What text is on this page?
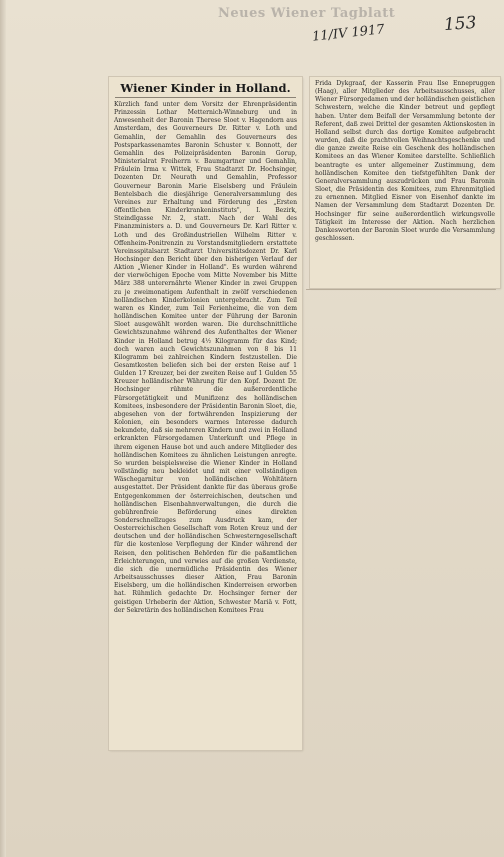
Neues Wiener Tagblatt
11/IV 1917	153
Wiener Kinder in Holland.
Kürzlich fand unter dem Vorsitz der Ehrenpräsidentin Prinzessin Lothar Metternich-Winneburg und in Anwesenheit der Baronin Therese Sloet v. Hagendorn aus Amsterdam, des Gouverneurs Dr. Ritter v. Loth und Gemahlin, der Gemahlin des Gouverneurs des Postsparkassenamtes Baronin Schuster v. Bonnott, der Gemahlin des Polizeipräsidenten Baronin Gorup, Ministerialrat Freiherrn v. Baumgartner und Gemahlin, Fräulein Irma v. Wittek, Frau Stadtarzt Dr. Hochsinger, Dozenten Dr. Neurath und Gemahlin, Professor Gouverneur Baronin Marie Eiselsberg und Fräulein Bentelsbach die diesjährige Generalversammlung des Vereines zur Erhaltung und Förderung des „Ersten öffentlichen Kinderkrankeninstituts", I. Bezirk, Steindlgasse Nr. 2, statt. Nach der Wahl des Finanzministers a. D. und Gouverneurs Dr. Karl Ritter v. Loth und des Großindustriellen Wilhelm Ritter v. Offenheim-Ponitrenzin zu Vorstandsmitgliedern erstattete Vereinsspitalsarzt Stadtarzt Universitätsdozent Dr. Karl Hochsinger den Bericht über den bisherigen Verlauf der Aktion „Wiener Kinder in Holland". Es wurden während der vierwöchigen Epoche vom Mitte November bis Mitte März 388 unterernährte Wiener Kinder in zwei Gruppen zu je zweimonatigem Aufenthalt in zwölf verschiedenen holländischen Kinderkolonien untergebracht. Zum Teil waren es Kinder, zum Teil Ferienheime, die von dem holländischen Komitee unter der Führung der Baronin Sloet ausgewählt worden waren. Die durchschnittliche Gewichtszunahme während des Aufenthaltes der Wiener Kinder in Holland betrug 4½ Kilogramm für das Kind; doch waren auch Gewichtszunahmen von 8 bis 11 Kilogramm bei zahlreichen Kindern festzustellen. Die Gesamtkosten beliefen sich bei der ersten Reise auf 1 Gulden 17 Kreuzer, bei der zweiten Reise auf 1 Gulden 55 Kreuzer holländischer Währung für den Kopf. Dozent Dr. Hochsinger rühmte die außerordentliche Fürsorgetätigkeit und Munifizenz des holländischen Komitees, insbesondere der Präsidentin Baronin Sloet, die, abgesehen von der fortwährenden Inspizierung der Kolonien, ein besonders warmes Interesse dadurch bekundete, daß sie mehreren Kindern und zwei in Holland erkrankten Fürsorgedamen Unterkunft und Pflege in ihrem eigenen Hause bot und auch andere Mitglieder des holländischen Komitees zu ähnlichen Leistungen anregte. So wurden beispielsweise die Wiener Kinder in Holland vollständig neu bekleidet und mit einer vollständigen Wäschegarnitur von holländischen Wohltätern ausgestattet. Der Präsident dankte für das überaus große Entgegenkommen der österreichischen, deutschen und holländischen Eisenbahnverwaltungen, die durch die gebührenfreie Beförderung eines direkten Sonderschnellzuges zum Ausdruck kam, der Oesterreichischen Gesellschaft vom Roten Kreuz und der deutschen und der holländischen Schwesterngesellschaft für die kostenlose Verpflegung der Kinder während der Reisen, den politischen Behörden für die paßamtlichen Erleichterungen, und verwies auf die großen Verdienste, die sich die unermüdliche Präsidentin des Wiener Arbeitsausschusses dieser Aktion, Frau Baronin Eiselsberg, um die holländischen Kinderreisen erworben hat. Rühmlich gedachte Dr. Hochsinger ferner der geistigen Urheberin der Aktion, Schwester Mariä v. Fott, der Sekretärin des holländischen Komitees Frau
Frida Dykgraaf, der Kasserin Frau Ilse Ennepruggen (Haag), aller Mitglieder des Arbeitsausschusses, aller Wiener Fürsorgedamen und der holländischen geistlichen Schwestern, welche die Kinder betreut und gepflegt haben. Unter dem Beifall der Versammlung betonte der Referent, daß zwei Drittel der gesamten Aktionskosten in Holland selbst durch das dortige Komitee aufgebracht wurden, daß die prachtvollen Weihnachtsgeschenke und die ganze zweite Reise ein Geschenk des holländischen Komitees an das Wiener Komitee darstellte. Schließlich beantragte es unter allgemeiner Zustimmung, dem holländischen Komitee den tiefstgefühlten Dank der Generalversammlung auszudrücken und Frau Baronin Sloet, die Präsidentin des Komitees, zum Ehrenmitglied zu ernennen. Mitglied Eisner von Eisenhof dankte im Namen der Versammlung dem Stadtarzt Dozenten Dr. Hochsinger für seine außerordentlich wirkungsvolle Tätigkeit im Interesse der Aktion. Nach herzlichen Dankesworten der Baronin Sloet wurde die Versammlung geschlossen.
